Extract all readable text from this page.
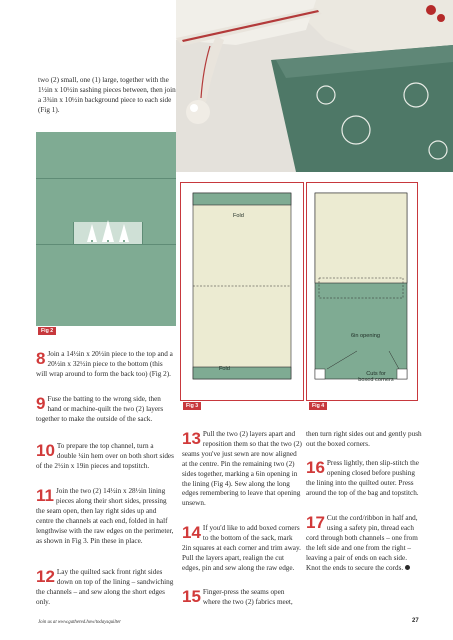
two (2) small, one (1) large, together with the 1½in x 10½in sashing pieces between, then join a 3¾in x 10½in background piece to each side (Fig 1).
Fig 2
8 Join a 14½in x 20½in piece to the top and a 20½in x 32½in piece to the bottom (this will wrap around to form the back too) (Fig 2).
9 Fuse the batting to the wrong side, then hand or machine-quilt the two (2) layers together to make the outside of the sack.
10 To prepare the top channel, turn a double ¼in hem over on both short sides of the 2½in x 19in pieces and topstitch.
11 Join the two (2) 14½in x 28½in lining pieces along their short sides, pressing the seam open, then lay right sides up and centre the channels at each end, folded in half lengthwise with the raw edges on the perimeter, as shown in Fig 3. Pin these in place.
12 Lay the quilted sack front right sides down on top of the lining – sandwiching the channels – and sew along the short edges only.
Fold
Fold
Fig 3
6in opening
Cuts for
boxed corners
Fig 4
13 Pull the two (2) layers apart and reposition them so that the two (2) seams you've just sewn are now aligned at the centre. Pin the remaining two (2) sides together, marking a 6in opening in the lining (Fig 4). Sew along the long edges remembering to leave that opening unsewn.
14 If you'd like to add boxed corners to the bottom of the sack, mark 2in squares at each corner and trim away. Pull the layers apart, realign the cut edges, pin and sew along the raw edge.
15 Finger-press the seams open where the two (2) fabrics meet,
then turn right sides out and gently push out the boxed corners.
16 Press lightly, then slip-stitch the opening closed before pushing the lining into the quilted outer. Press around the top of the bag and topstitch.
17 Cut the cord/ribbon in half and, using a safety pin, thread each cord through both channels – one from the left side and one from the right – leaving a pair of ends on each side. Knot the ends to secure the cords.
Join us at www.gathered.how/todaysquilter	27
